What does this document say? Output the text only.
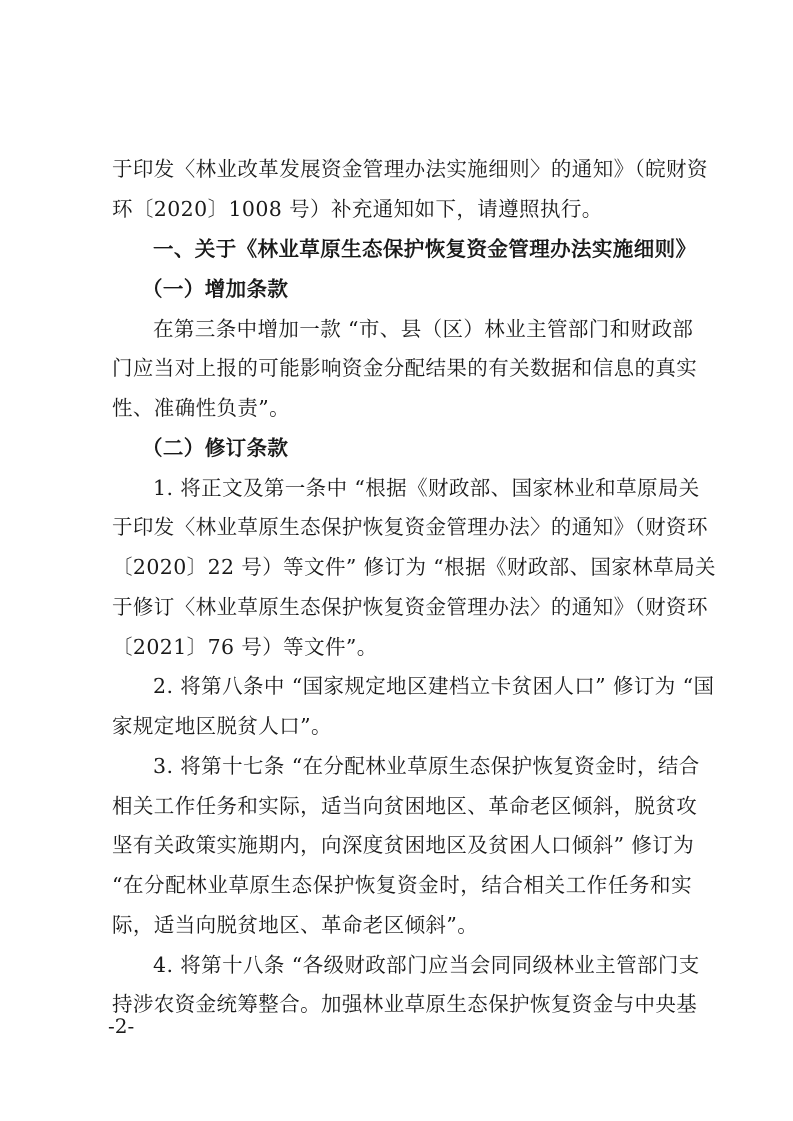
于印发〈林业改革发展资金管理办法实施细则〉的通知》（皖财资
环〔2020〕1008 号）补充通知如下，请遵照执行。
一、关于《林业草原生态保护恢复资金管理办法实施细则》
（一）增加条款
在第三条中增加一款 “市、县（区）林业主管部门和财政部
门应当对上报的可能影响资金分配结果的有关数据和信息的真实
性、准确性负责”。
（二）修订条款
1. 将正文及第一条中 “根据《财政部、国家林业和草原局关
于印发〈林业草原生态保护恢复资金管理办法〉的通知》（财资环
〔2020〕22 号）等文件” 修订为 “根据《财政部、国家林草局关
于修订〈林业草原生态保护恢复资金管理办法〉的通知》（财资环
〔2021〕76 号）等文件”。
2. 将第八条中 “国家规定地区建档立卡贫困人口” 修订为 “国
家规定地区脱贫人口”。
3. 将第十七条 “在分配林业草原生态保护恢复资金时，结合
相关工作任务和实际，适当向贫困地区、革命老区倾斜，脱贫攻
坚有关政策实施期内，向深度贫困地区及贫困人口倾斜” 修订为
“在分配林业草原生态保护恢复资金时，结合相关工作任务和实
际，适当向脱贫地区、革命老区倾斜”。
4. 将第十八条 “各级财政部门应当会同同级林业主管部门支
持涉农资金统筹整合。加强林业草原生态保护恢复资金与中央基
-2-
